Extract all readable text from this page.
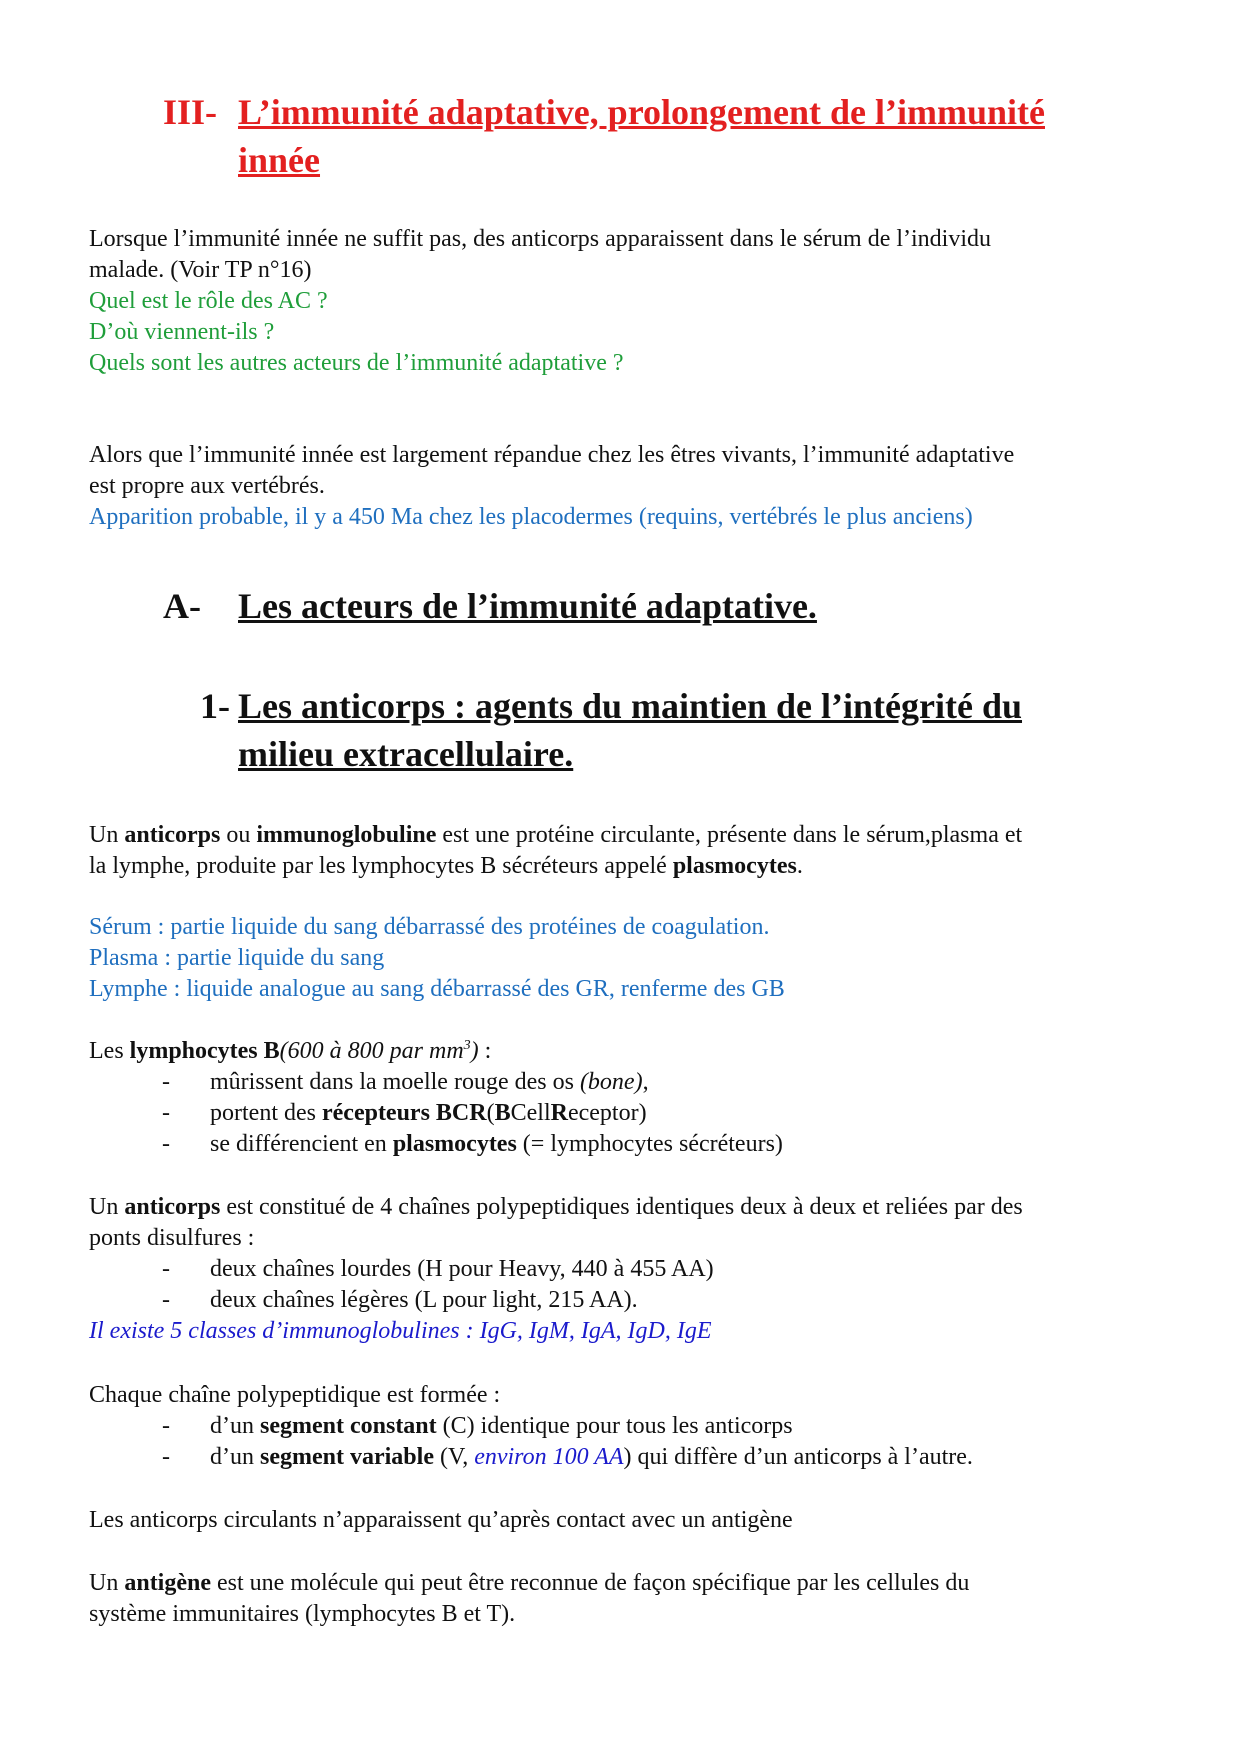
III- L’immunité adaptative, prolongement de l’immunité
innée

Lorsque l’immunité innée ne suffit pas, des anticorps apparaissent dans le sérum de l’individu

malade. (Voir TP n°16)

Quel est le rôle des AC ?

D’où viennent-ils ?

Quels sont les autres acteurs de l’immunité adaptative ?

Alors que l’immunité innée est largement répandue chez les êtres vivants, l’immunité adaptative

est propre aux vertébrés.

Apparition probable, il y a 450 Ma chez les placodermes (requins, vertébrés le plus anciens)

A- Les acteurs de l’immunité adaptative.
1- Les anticorps : agents du maintien de l’intégrité du
milieu extracellulaire.

Un anticorps ou immunoglobuline est une protéine circulante, présente dans le sérum,plasma et

la lymphe, produite par les lymphocytes B sécréteurs appelé plasmocytes.

Sérum : partie liquide du sang débarrassé des protéines de coagulation.

Plasma : partie liquide du sang

Lymphe : liquide analogue au sang débarrassé des GR, renferme des GB

Les lymphocytes B(600 à 800 par $mm^3$) :

- mûrissent dans la moelle rouge des os (bone),
- portent des récepteurs BCR(BCellReceptor)
- se différencient en plasmocytes (= lymphocytes sécréteurs)

Un anticorps est constitué de 4 chaînes polypeptidiques identiques deux à deux et reliées par des

ponts disulfures :

- deux chaînes lourdes (H pour Heavy, 440 à 455 AA)
- deux chaînes légères (L pour light, 215 AA).

Il existe 5 classes d’immunoglobulines : IgG, IgM, IgA, IgD, IgE

Chaque chaîne polypeptidique est formée :

- d’un segment constant (C) identique pour tous les anticorps
- d’un segment variable (V, environ 100 AA) qui diffère d’un anticorps à l’autre.

Les anticorps circulants n’apparaissent qu’après contact avec un antigène

Un antigène est une molécule qui peut être reconnue de façon spécifique par les cellules du

système immunitaires (lymphocytes B et T).
